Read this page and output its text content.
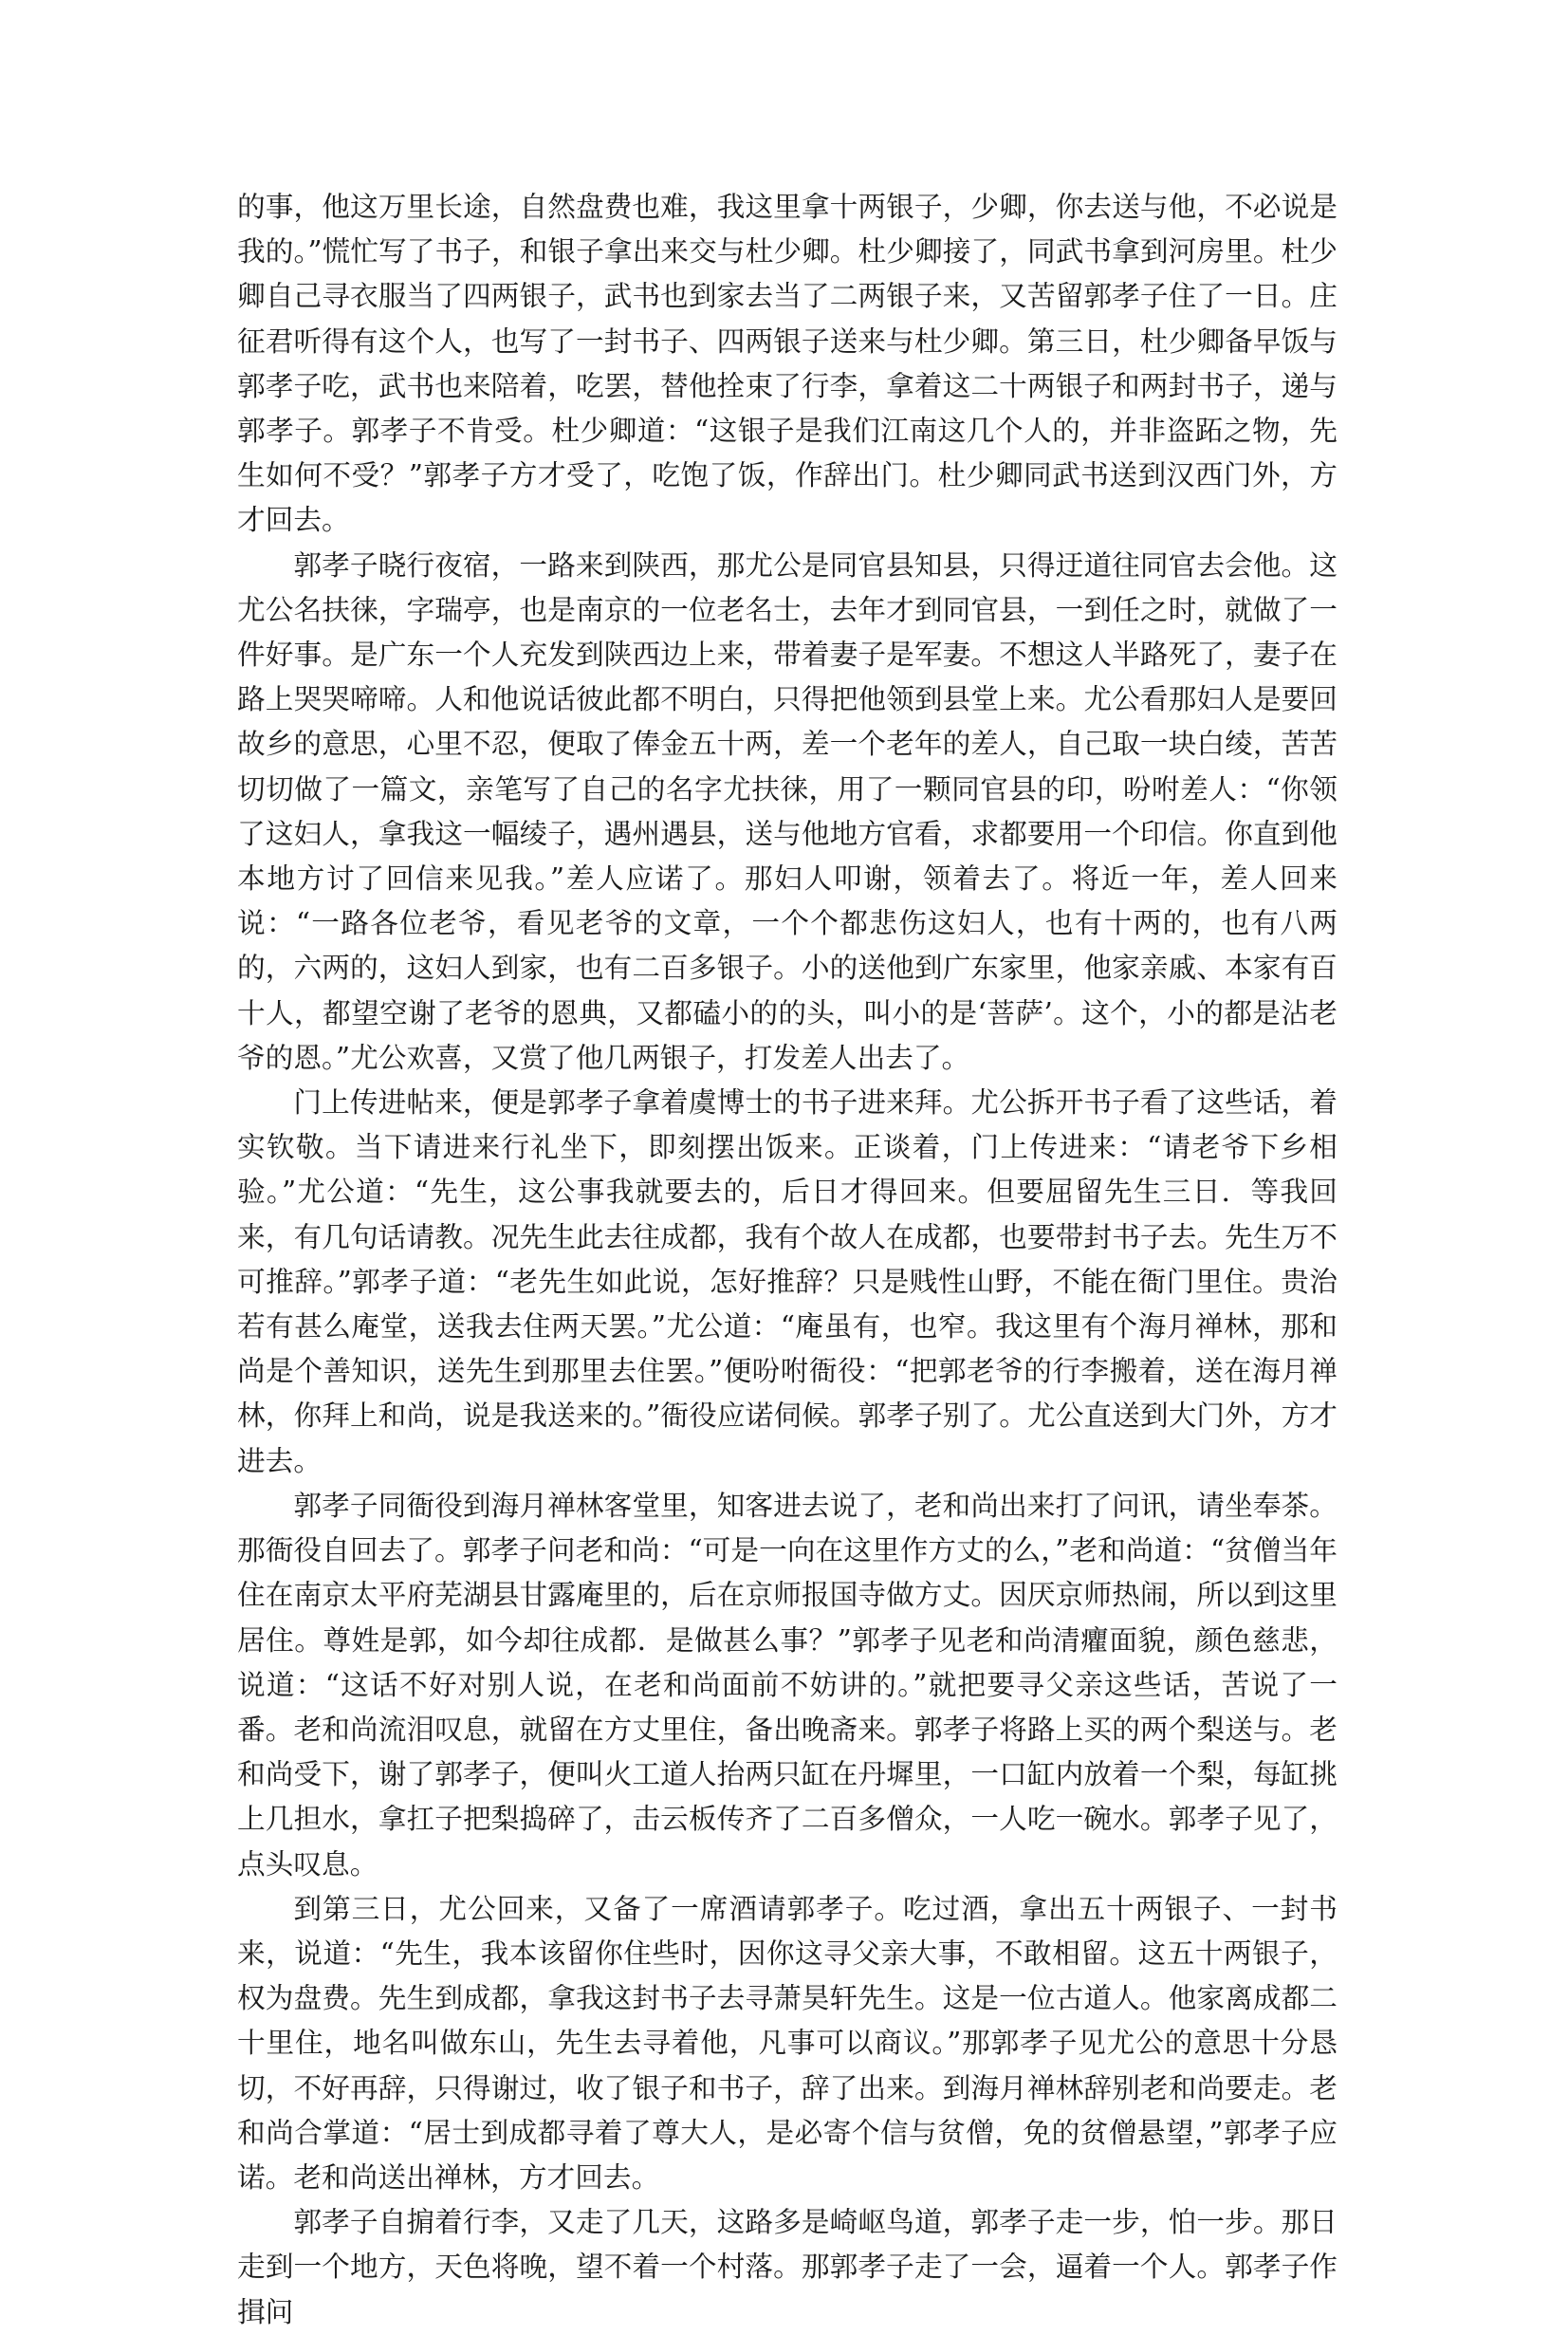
的事，他这万里长途，自然盘费也难，我这里拿十两银子，少卿，你去送与他，不必说是我的。”慌忙写了书子，和银子拿出来交与杜少卿。杜少卿接了，同武书拿到河房里。杜少卿自己寻衣服当了四两银子，武书也到家去当了二两银子来，又苦留郭孝子住了一日。庄征君听得有这个人，也写了一封书子、四两银子送来与杜少卿。第三日，杜少卿备早饭与郭孝子吃，武书也来陪着，吃罢，替他拴束了行李，拿着这二十两银子和两封书子，递与郭孝子。郭孝子不肯受。杜少卿道：“这银子是我们江南这几个人的，并非盗跖之物，先生如何不受？”郭孝子方才受了，吃饱了饭，作辞出门。杜少卿同武书送到汉西门外，方才回去。

郭孝子晓行夜宿，一路来到陕西，那尤公是同官县知县，只得迂道往同官去会他。这尤公名扶徕，字瑞亭，也是南京的一位老名士，去年才到同官县，一到任之时，就做了一件好事。是广东一个人充发到陕西边上来，带着妻子是军妻。不想这人半路死了，妻子在路上哭哭啼啼。人和他说话彼此都不明白，只得把他领到县堂上来。尤公看那妇人是要回故乡的意思，心里不忍，便取了俸金五十两，差一个老年的差人，自己取一块白绫，苦苦切切做了一篇文，亲笔写了自己的名字尤扶徕，用了一颗同官县的印，吩咐差人：“你领了这妇人，拿我这一幅绫子，遇州遇县，送与他地方官看，求都要用一个印信。你直到他本地方讨了回信来见我。”差人应诺了。那妇人叩谢，领着去了。将近一年，差人回来说：“一路各位老爷，看见老爷的文章，一个个都悲伤这妇人，也有十两的，也有八两的，六两的，这妇人到家，也有二百多银子。小的送他到广东家里，他家亲戚、本家有百十人，都望空谢了老爷的恩典，又都磕小的的头，叫小的是‘菩萨’。这个，小的都是沾老爷的恩。”尤公欢喜，又赏了他几两银子，打发差人出去了。

门上传进帖来，便是郭孝子拿着虞博士的书子进来拜。尤公拆开书子看了这些话，着实钦敬。当下请进来行礼坐下，即刻摆出饭来。正谈着，门上传进来：“请老爷下乡相验。”尤公道：“先生，这公事我就要去的，后日才得回来。但要屈留先生三日．等我回来，有几句话请教。况先生此去往成都，我有个故人在成都，也要带封书子去。先生万不可推辞。”郭孝子道：“老先生如此说，怎好推辞？只是贱性山野，不能在衙门里住。贵治若有甚么庵堂，送我去住两天罢。”尤公道：“庵虽有，也窄。我这里有个海月禅林，那和尚是个善知识，送先生到那里去住罢。”便吩咐衙役：“把郭老爷的行李搬着，送在海月禅林，你拜上和尚，说是我送来的。”衙役应诺伺候。郭孝子别了。尤公直送到大门外，方才进去。

郭孝子同衙役到海月禅林客堂里，知客进去说了，老和尚出来打了问讯，请坐奉茶。那衙役自回去了。郭孝子问老和尚：“可是一向在这里作方丈的么，”老和尚道：“贫僧当年住在南京太平府芜湖县甘露庵里的，后在京师报国寺做方丈。因厌京师热闹，所以到这里居住。尊姓是郭，如今却往成都．是做甚么事？”郭孝子见老和尚清癯面貌，颜色慈悲，说道：“这话不好对别人说，在老和尚面前不妨讲的。”就把要寻父亲这些话，苦说了一番。老和尚流泪叹息，就留在方丈里住，备出晚斋来。郭孝子将路上买的两个梨送与。老和尚受下，谢了郭孝子，便叫火工道人抬两只缸在丹墀里，一口缸内放着一个梨，每缸挑上几担水，拿扛子把梨捣碎了，击云板传齐了二百多僧众，一人吃一碗水。郭孝子见了，点头叹息。

到第三日，尤公回来，又备了一席酒请郭孝子。吃过酒，拿出五十两银子、一封书来，说道：“先生，我本该留你住些时，因你这寻父亲大事，不敢相留。这五十两银子，权为盘费。先生到成都，拿我这封书子去寻萧昊轩先生。这是一位古道人。他家离成都二十里住，地名叫做东山，先生去寻着他，凡事可以商议。”那郭孝子见尤公的意思十分恳切，不好再辞，只得谢过，收了银子和书子，辞了出来。到海月禅林辞别老和尚要走。老和尚合掌道：“居士到成都寻着了尊大人，是必寄个信与贫僧，免的贫僧悬望，”郭孝子应诺。老和尚送出禅林，方才回去。

郭孝子自掮着行李，又走了几天，这路多是崎岖鸟道，郭孝子走一步，怕一步。那日走到一个地方，天色将晚，望不着一个村落。那郭孝子走了一会，逼着一个人。郭孝子作揖问
